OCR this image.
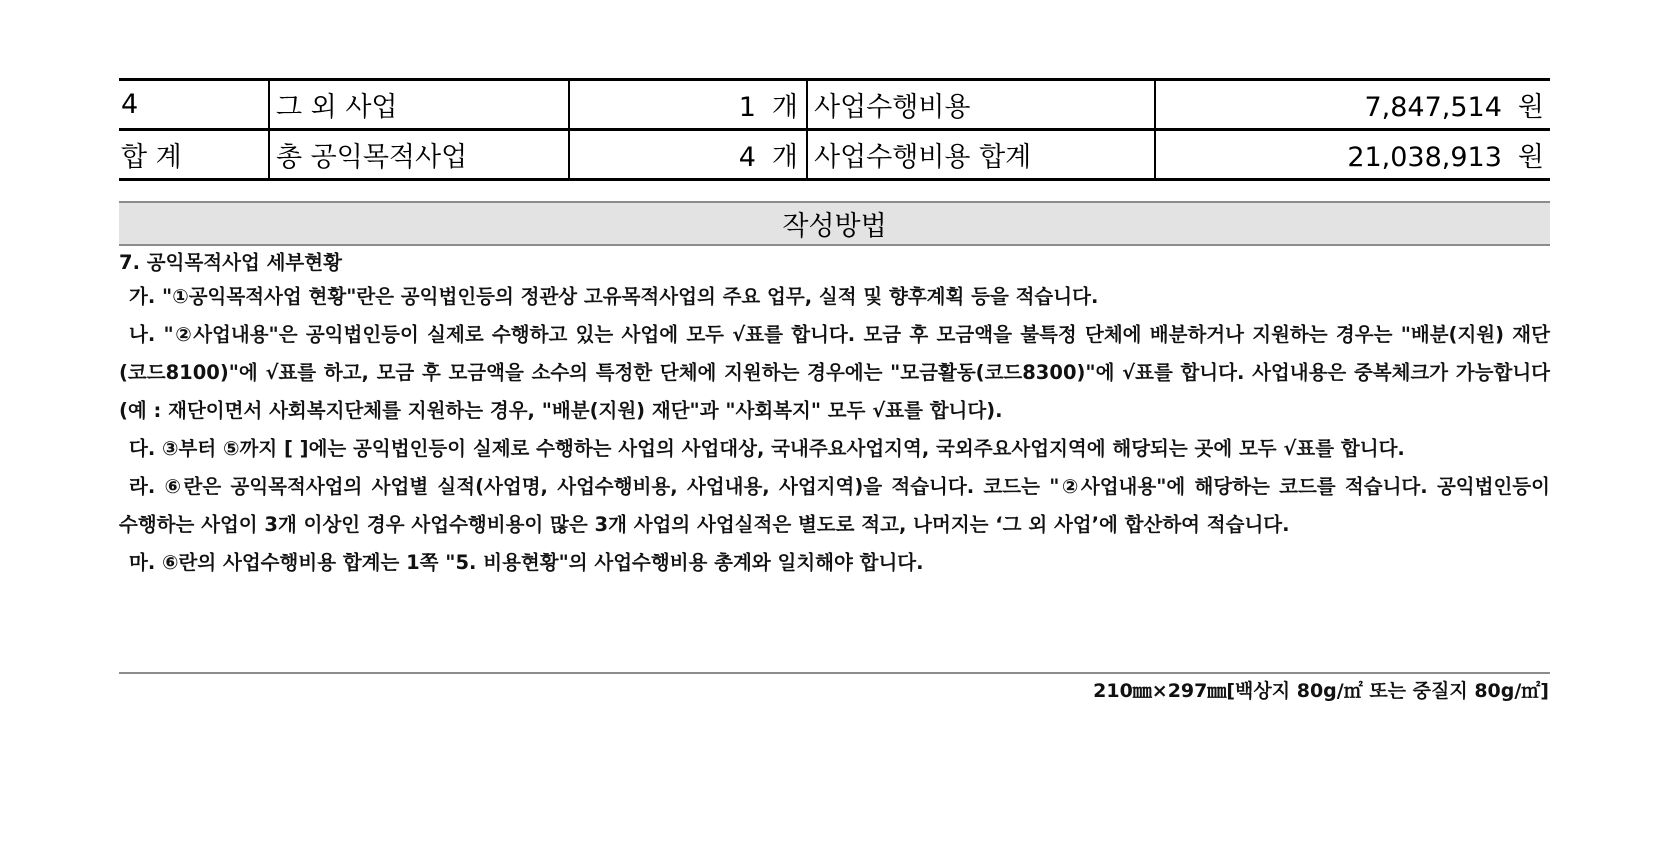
4	그 외 사업	1 개	사업수행비용	7,847,514 원
합 계	총 공익목적사업	4 개	사업수행비용 합계	21,038,913 원
작성방법
7. 공익목적사업 세부현황
가. "①공익목적사업 현황"란은 공익법인등의 정관상 고유목적사업의 주요 업무, 실적 및 향후계획 등을 적습니다.
나. "②사업내용"은 공익법인등이 실제로 수행하고 있는 사업에 모두 √표를 합니다. 모금 후 모금액을 불특정 단체에 배분하거나 지원하는 경우는 "배분(지원) 재단(코드8100)"에 √표를 하고, 모금 후 모금액을 소수의 특정한 단체에 지원하는 경우에는 "모금활동(코드8300)"에 √표를 합니다. 사업내용은 중복체크가 가능합니다(예 : 재단이면서 사회복지단체를 지원하는 경우, "배분(지원) 재단"과 "사회복지" 모두 √표를 합니다).
다. ③부터 ⑤까지 [ ]에는 공익법인등이 실제로 수행하는 사업의 사업대상, 국내주요사업지역, 국외주요사업지역에 해당되는 곳에 모두 √표를 합니다.
라. ⑥란은 공익목적사업의 사업별 실적(사업명, 사업수행비용, 사업내용, 사업지역)을 적습니다. 코드는 "②사업내용"에 해당하는 코드를 적습니다. 공익법인등이 수행하는 사업이 3개 이상인 경우 사업수행비용이 많은 3개 사업의 사업실적은 별도로 적고, 나머지는 ‘그 외 사업’에 합산하여 적습니다.
마. ⑥란의 사업수행비용 합계는 1쪽 "5. 비용현황"의 사업수행비용 총계와 일치해야 합니다.
210㎜×297㎜[백상지 80g/㎡ 또는 중질지 80g/㎡]
